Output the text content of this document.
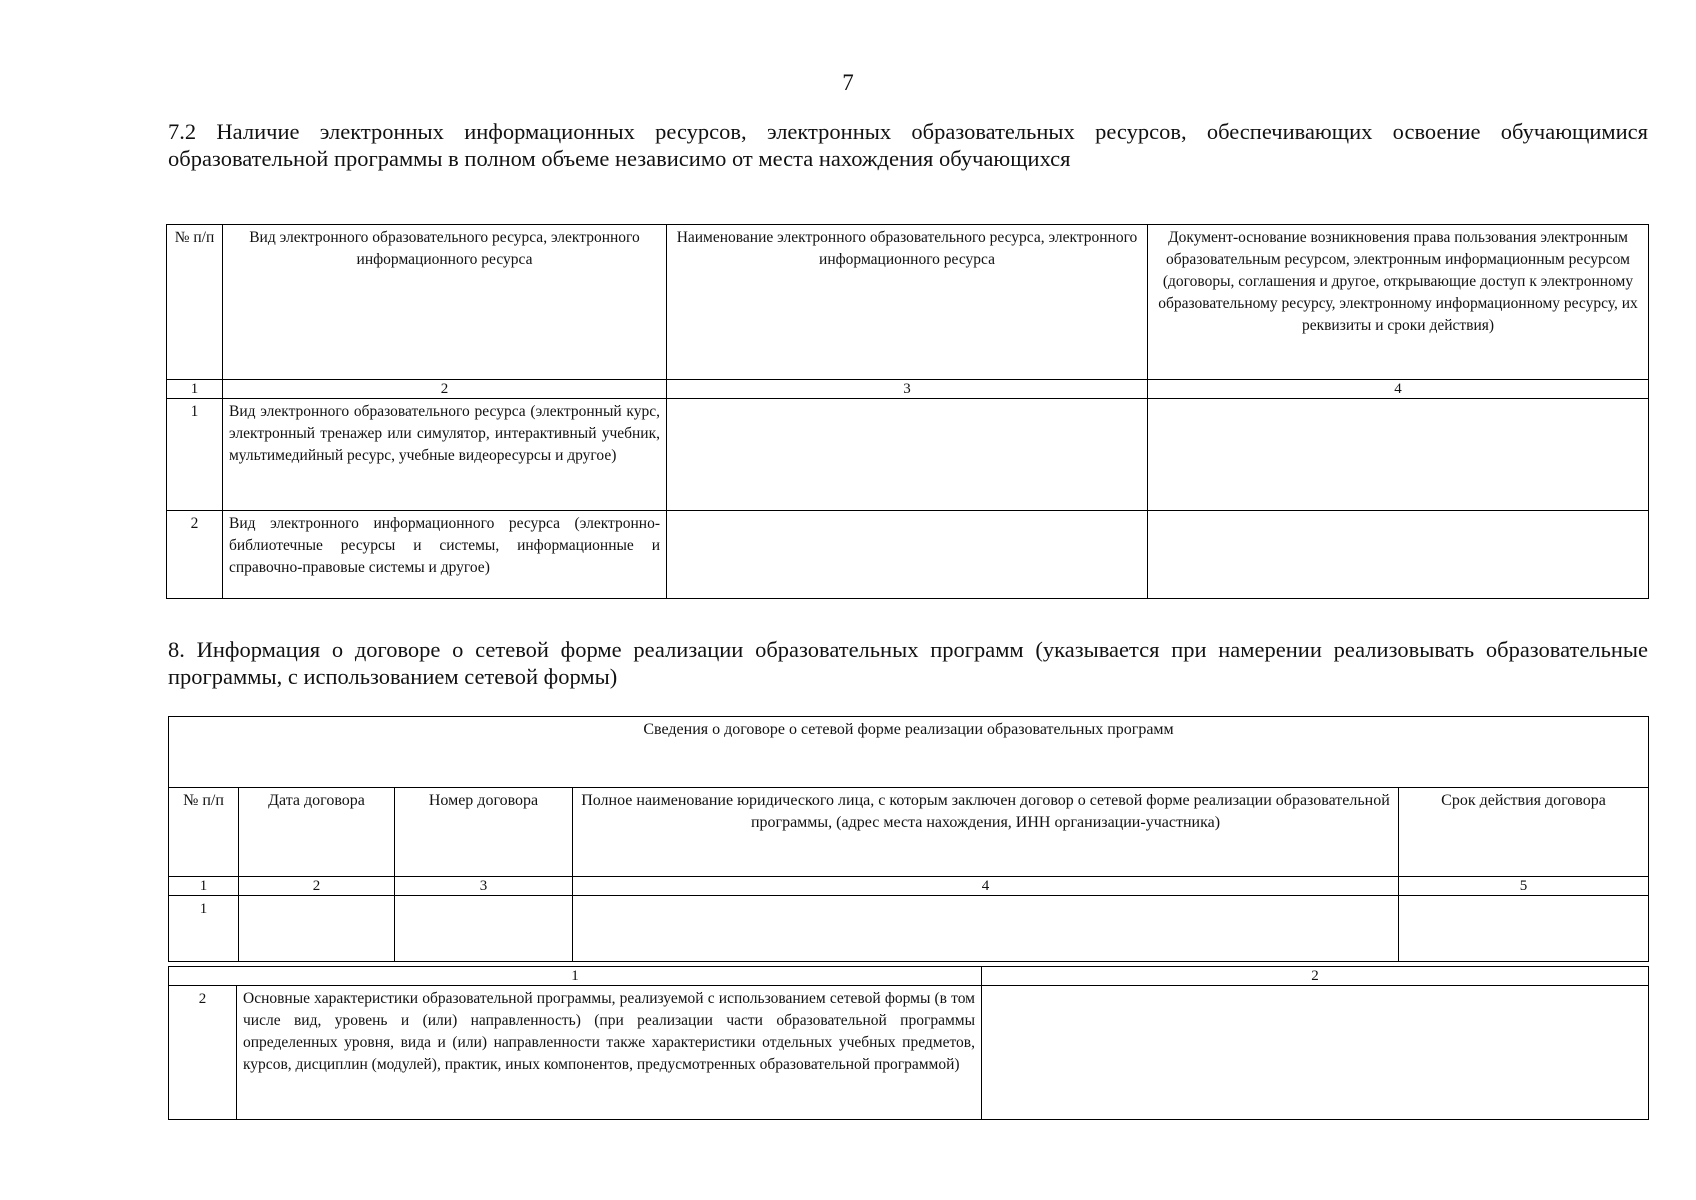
7
7.2 Наличие электронных информационных ресурсов, электронных образовательных ресурсов, обеспечивающих освоение обучающимися образовательной программы в полном объеме независимо от места нахождения обучающихся
№ п/п	Вид электронного образовательного ресурса, электронного информационного ресурса	Наименование электронного образовательного ресурса, электронного информационного ресурса	Документ-основание возникновения права пользования электронным образовательным ресурсом, электронным информационным ресурсом (договоры, соглашения и другое, открывающие доступ к электронному образовательному ресурсу, электронному информационному ресурсу, их реквизиты и сроки действия)
1	2	3	4
1	Вид электронного образовательного ресурса (электронный курс, электронный тренажер или симулятор, интерактивный учебник, мультимедийный ресурс, учебные видеоресурсы и другое)		
2	Вид электронного информационного ресурса (электронно-библиотечные ресурсы и системы, информационные и справочно-правовые системы и другое)		
8. Информация о договоре о сетевой форме реализации образовательных программ (указывается при намерении реализовывать образовательные программы, с использованием сетевой формы)
Сведения о договоре о сетевой форме реализации образовательных программ				
№ п/п	Дата договора	Номер договора	Полное наименование юридического лица, с которым заключен договор о сетевой форме реализации образовательной программы, (адрес места нахождения, ИНН организации-участника)	Срок действия договора
1	2	3	4	5
1				
1		2
2	Основные характеристики образовательной программы, реализуемой с использованием сетевой формы (в том числе вид, уровень и (или) направленность) (при реализации части образовательной программы определенных уровня, вида и (или) направленности также характеристики отдельных учебных предметов, курсов, дисциплин (модулей), практик, иных компонентов, предусмотренных образовательной программой)	
